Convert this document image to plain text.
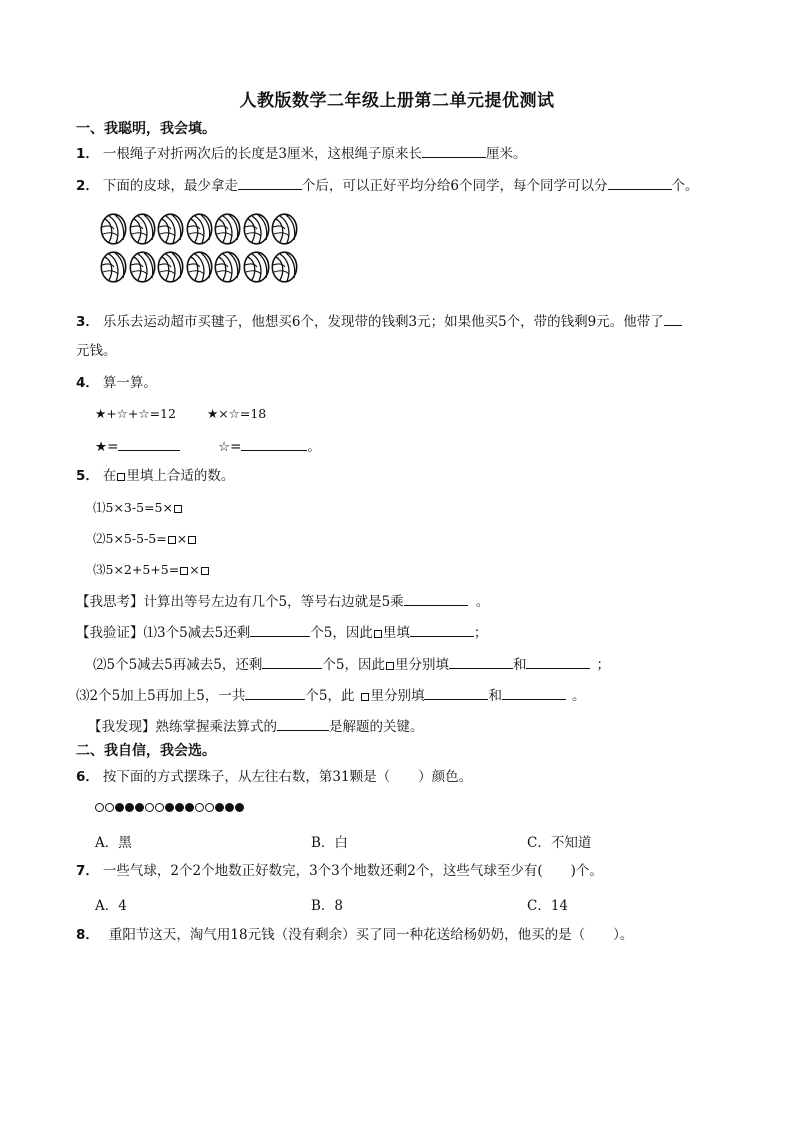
人教版数学二年级上册第二单元提优测试
一、我聪明，我会填。
1． 一根绳子对折两次后的长度是3厘米，这根绳子原来长	厘米。
2． 下面的皮球，最少拿走	个后，可以正好平均分给6个同学，每个同学可以分	个。
3． 乐乐去运动超市买毽子，他想买6个，发现带的钱剩3元；如果他买5个，带的钱剩9元。他带了
元钱。
4． 算一算。
★+☆+☆=12 ★×☆=18
★=	☆=	。
5． 在 里填上合适的数。
⑴5×3-5=5×
⑵5×5-5-5= ×
⑶5×2+5+5= ×
【我思考】计算出等号左边有几个5，等号右边就是5乘	。
【我验证】⑴3个5减去5还剩	个5，因此 里填	；
⑵5个5减去5再减去5，还剩	个5，因此 里分别填	和	；
⑶2个5加上5再加上5，一共	个5，此 里分别填	和	。
【我发现】熟练掌握乘法算式的	是解题的关键。
二、我自信，我会选。
6． 按下面的方式摆珠子，从左往右数，第31颗是（ ）颜色。
A．黑	B．白	C．不知道
7． 一些气球，2个2个地数正好数完，3个3个地数还剩2个，这些气球至少有( )个。
A．4	B．8	C．14
8． 重阳节这天，淘气用18元钱（没有剩余）买了同一种花送给杨奶奶，他买的是（ ）。
